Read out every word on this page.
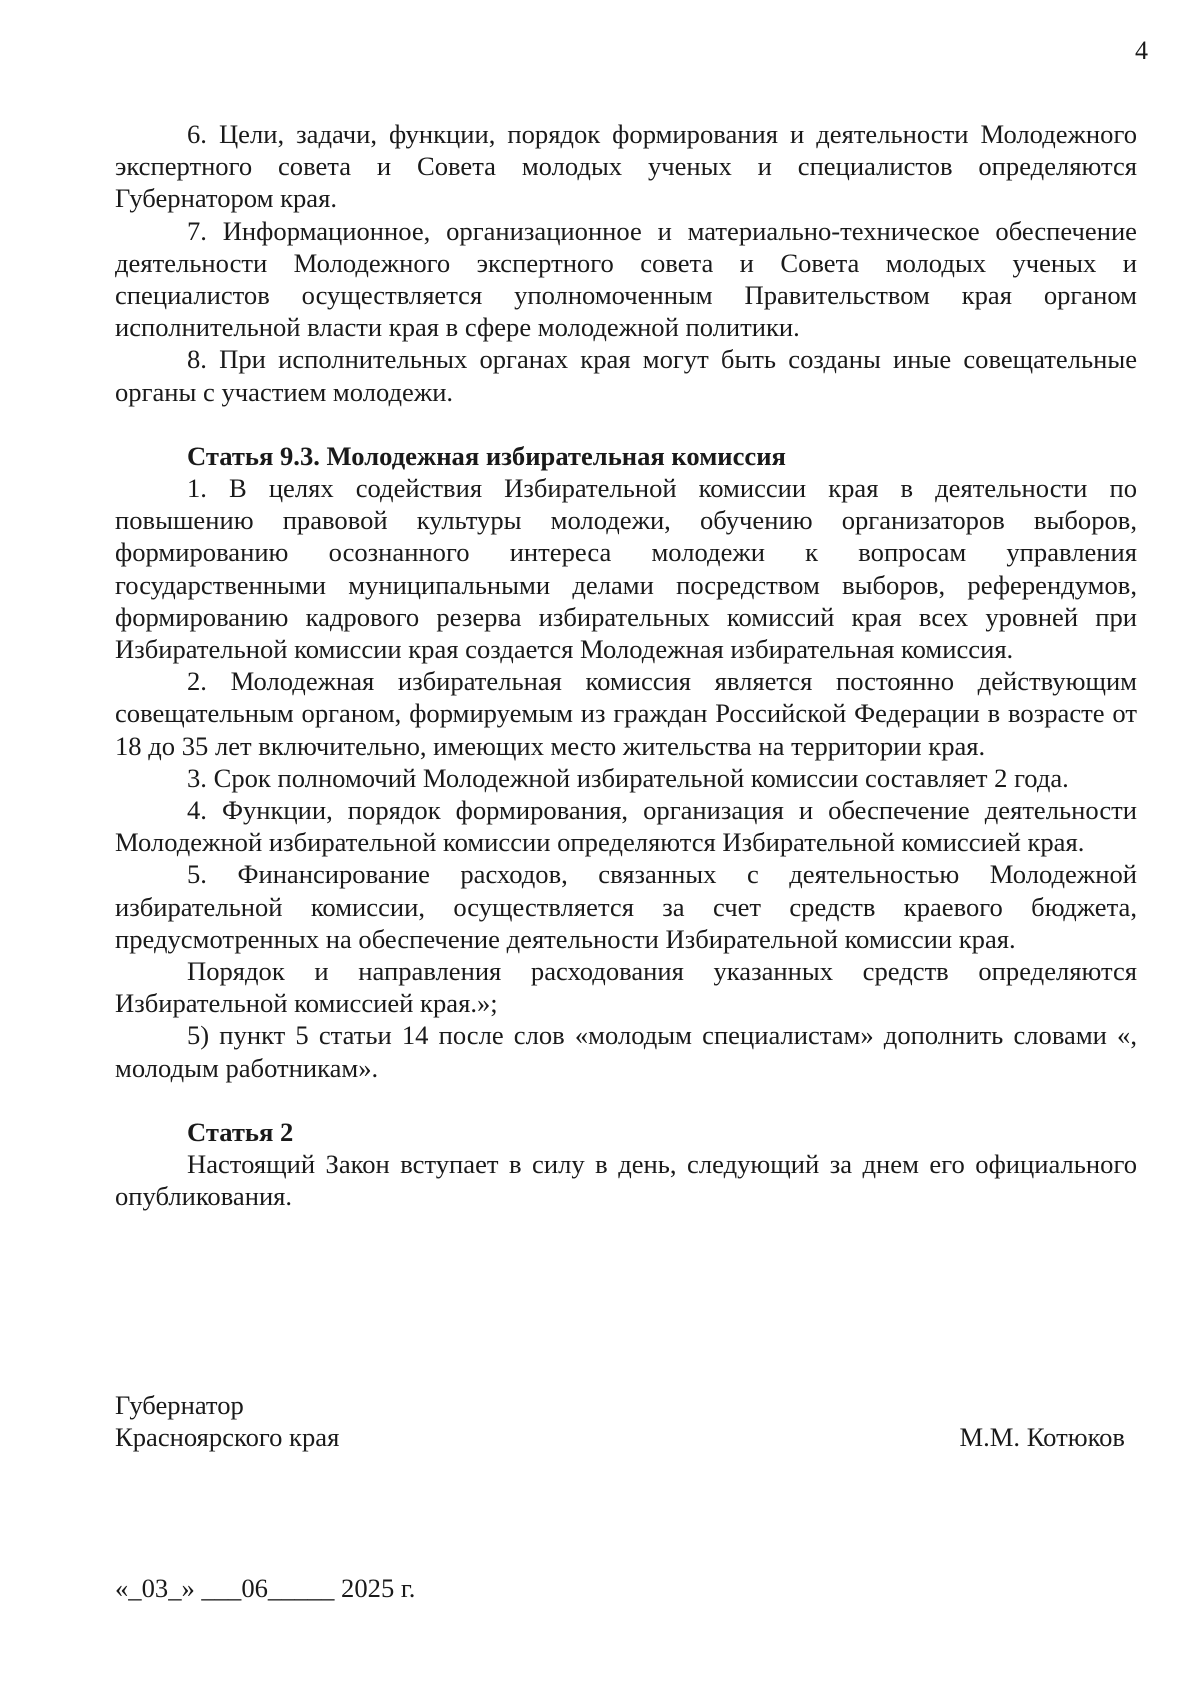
4

6. Цели, задачи, функции, порядок формирования и деятельности Молодежного экспертного совета и Совета молодых ученых и специалистов определяются Губернатором края.

7. Информационное, организационное и материально-техническое обеспечение деятельности Молодежного экспертного совета и Совета молодых ученых и специалистов осуществляется уполномоченным Правительством края органом исполнительной власти края в сфере молодежной политики.

8. При исполнительных органах края могут быть созданы иные совещательные органы с участием молодежи.

Статья 9.3. Молодежная избирательная комиссия

1. В целях содействия Избирательной комиссии края в деятельности по повышению правовой культуры молодежи, обучению организаторов выборов, формированию осознанного интереса молодежи к вопросам управления государственными муниципальными делами посредством выборов, референдумов, формированию кадрового резерва избирательных комиссий края всех уровней при Избирательной комиссии края создается Молодежная избирательная комиссия.

2. Молодежная избирательная комиссия является постоянно действующим совещательным органом, формируемым из граждан Российской Федерации в возрасте от 18 до 35 лет включительно, имеющих место жительства на территории края.

3. Срок полномочий Молодежной избирательной комиссии составляет 2 года.

4. Функции, порядок формирования, организация и обеспечение деятельности Молодежной избирательной комиссии определяются Избирательной комиссией края.

5. Финансирование расходов, связанных с деятельностью Молодежной избирательной комиссии, осуществляется за счет средств краевого бюджета, предусмотренных на обеспечение деятельности Избирательной комиссии края.

Порядок и направления расходования указанных средств определяются Избирательной комиссией края.»;

5) пункт 5 статьи 14 после слов «молодым специалистам» дополнить словами «, молодым работникам».

Статья 2

Настоящий Закон вступает в силу в день, следующий за днем его официального опубликования.

Губернатор
Красноярского края	М.М. Котюков
«_03_» ___06_____ 2025 г.
